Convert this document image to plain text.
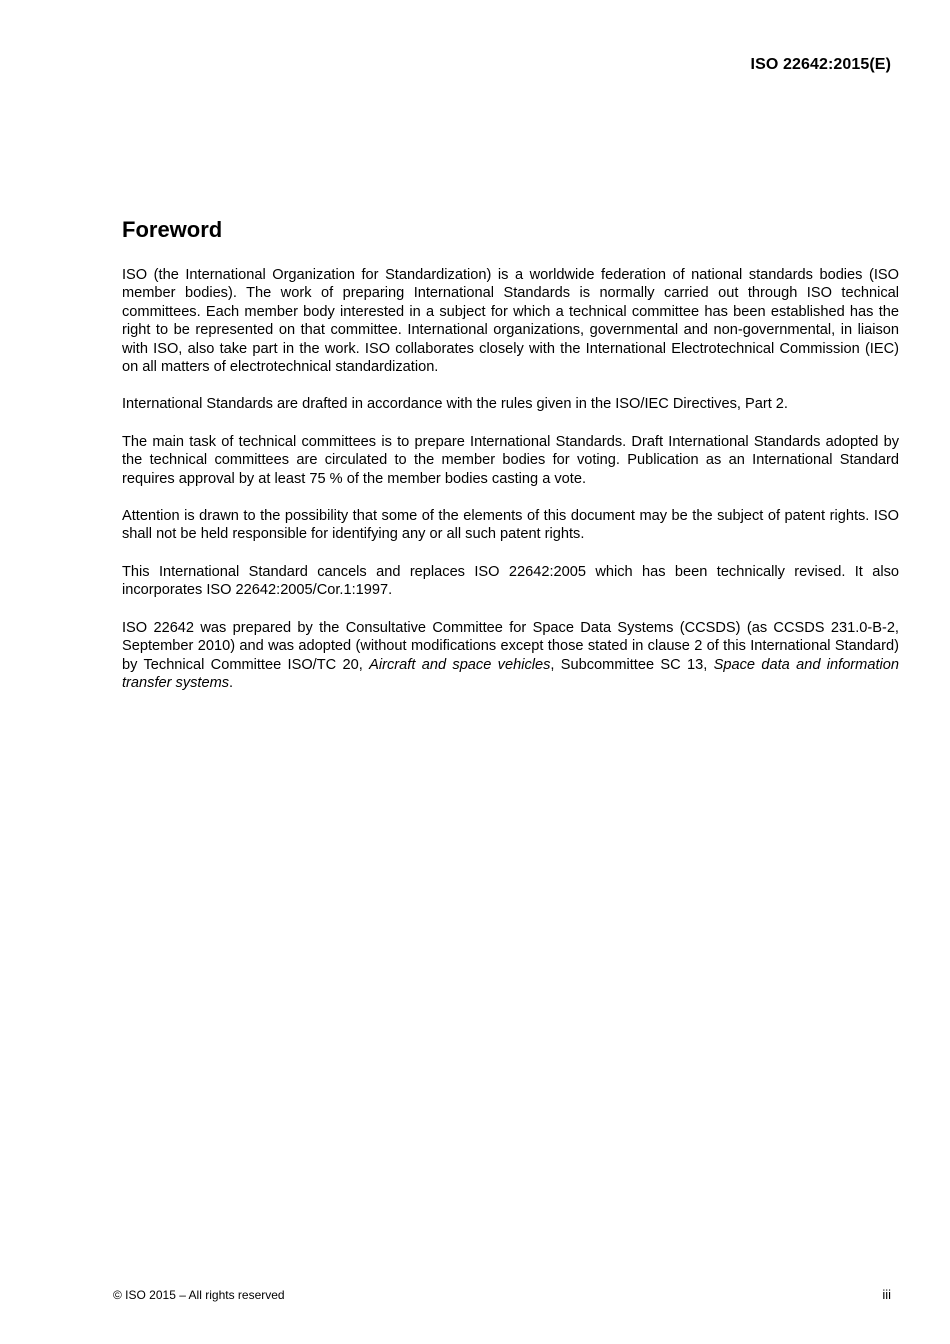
ISO 22642:2015(E)
Foreword

ISO (the International Organization for Standardization) is a worldwide federation of national standards bodies (ISO member bodies). The work of preparing International Standards is normally carried out through ISO technical committees. Each member body interested in a subject for which a technical committee has been established has the right to be represented on that committee. International organizations, governmental and non-governmental, in liaison with ISO, also take part in the work. ISO collaborates closely with the International Electrotechnical Commission (IEC) on all matters of electrotechnical standardization.

International Standards are drafted in accordance with the rules given in the ISO/IEC Directives, Part 2.

The main task of technical committees is to prepare International Standards. Draft International Standards adopted by the technical committees are circulated to the member bodies for voting. Publication as an International Standard requires approval by at least 75 % of the member bodies casting a vote.

Attention is drawn to the possibility that some of the elements of this document may be the subject of patent rights. ISO shall not be held responsible for identifying any or all such patent rights.

This International Standard cancels and replaces ISO 22642:2005 which has been technically revised. It also incorporates ISO 22642:2005/Cor.1:1997.

ISO 22642 was prepared by the Consultative Committee for Space Data Systems (CCSDS) (as CCSDS 231.0-B-2, September 2010) and was adopted (without modifications except those stated in clause 2 of this International Standard) by Technical Committee ISO/TC 20, Aircraft and space vehicles, Subcommittee SC 13, Space data and information transfer systems.

© ISO 2015 – All rights reserved	iii
